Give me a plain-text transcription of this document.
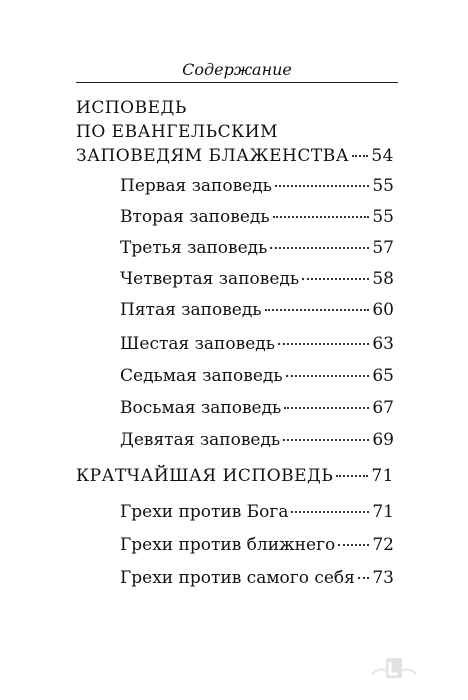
Содержание
ИСПОВЕДЬ
ПО ЕВАНГЕЛЬСКИМ
ЗАПОВЕДЯМ БЛАЖЕНСТВА 54
Первая заповедь	55
Вторая заповедь	55
Третья заповедь	57
Четвертая заповедь	58
Пятая заповедь	60
Шестая заповедь	63
Седьмая заповедь	65
Восьмая заповедь	67
Девятая заповедь	69
КРАТЧАЙШАЯ ИСПОВЕДЬ 71
Грехи против Бога	71
Грехи против ближнего 72
Грехи против самого себя 73
